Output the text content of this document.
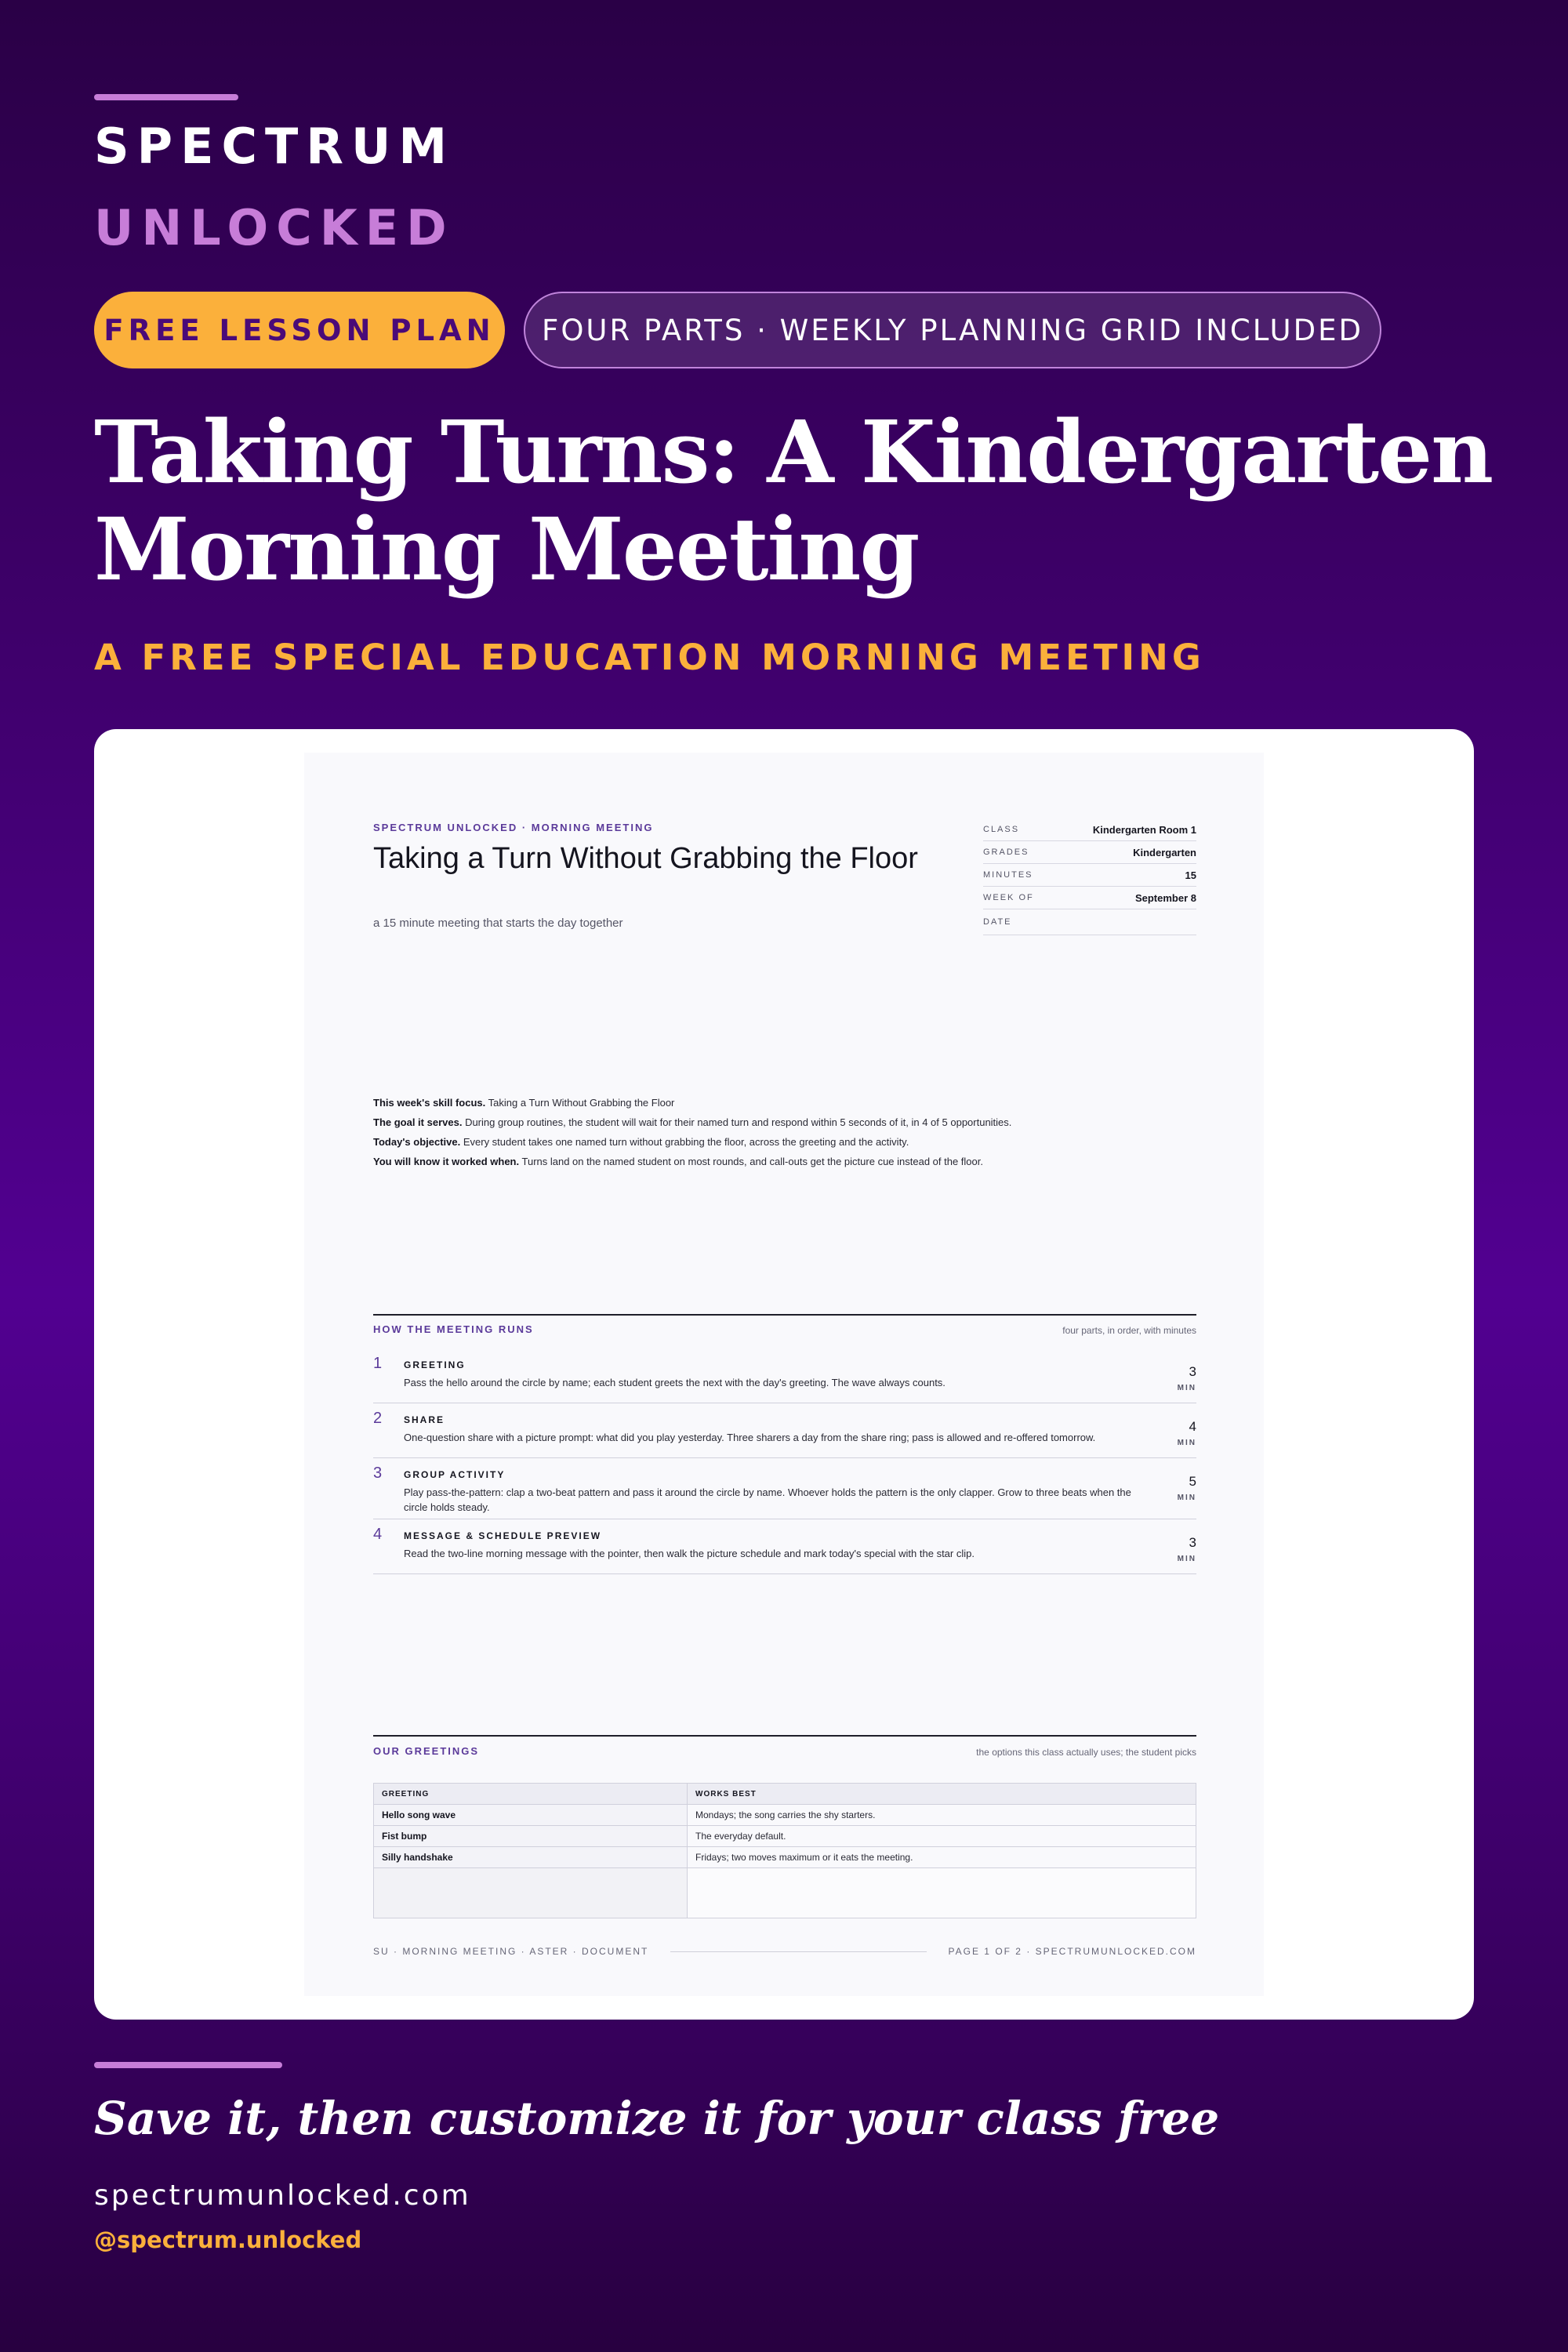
SPECTRUM
UNLOCKED
FREE LESSON PLAN	FOUR PARTS · WEEKLY PLANNING GRID INCLUDED
Taking Turns: A Kindergarten Morning Meeting
A FREE SPECIAL EDUCATION MORNING MEETING
SPECTRUM UNLOCKED · MORNING MEETING
Taking a Turn Without Grabbing the Floor
a 15 minute meeting that starts the day together
CLASS	Kindergarten Room 1
GRADES	Kindergarten
MINUTES	15
WEEK OF	September 8
DATE
This week's skill focus. Taking a Turn Without Grabbing the Floor
The goal it serves. During group routines, the student will wait for their named turn and respond within 5 seconds of it, in 4 of 5 opportunities.
Today's objective. Every student takes one named turn without grabbing the floor, across the greeting and the activity.
You will know it worked when. Turns land on the named student on most rounds, and call-outs get the picture cue instead of the floor.
HOW THE MEETING RUNS	four parts, in order, with minutes
1 GREETING
Pass the hello around the circle by name; each student greets the next with the day's greeting. The wave always counts.
3
MIN
2 SHARE
One-question share with a picture prompt: what did you play yesterday. Three sharers a day from the share ring; pass is allowed and re-offered tomorrow.
4
MIN
3 GROUP ACTIVITY
Play pass-the-pattern: clap a two-beat pattern and pass it around the circle by name. Whoever holds the pattern is the only clapper. Grow to three beats when the circle holds steady.
5
MIN
4 MESSAGE & SCHEDULE PREVIEW
Read the two-line morning message with the pointer, then walk the picture schedule and mark today's special with the star clip.
3
MIN
OUR GREETINGS	the options this class actually uses; the student picks
GREETING	WORKS BEST
Hello song wave	Mondays; the song carries the shy starters.
Fist bump	The everyday default.
Silly handshake	Fridays; two moves maximum or it eats the meeting.

SU · MORNING MEETING · ASTER · DOCUMENT	PAGE 1 OF 2 · SPECTRUMUNLOCKED.COM
Save it, then customize it for your class free
spectrumunlocked.com
@spectrum.unlocked
